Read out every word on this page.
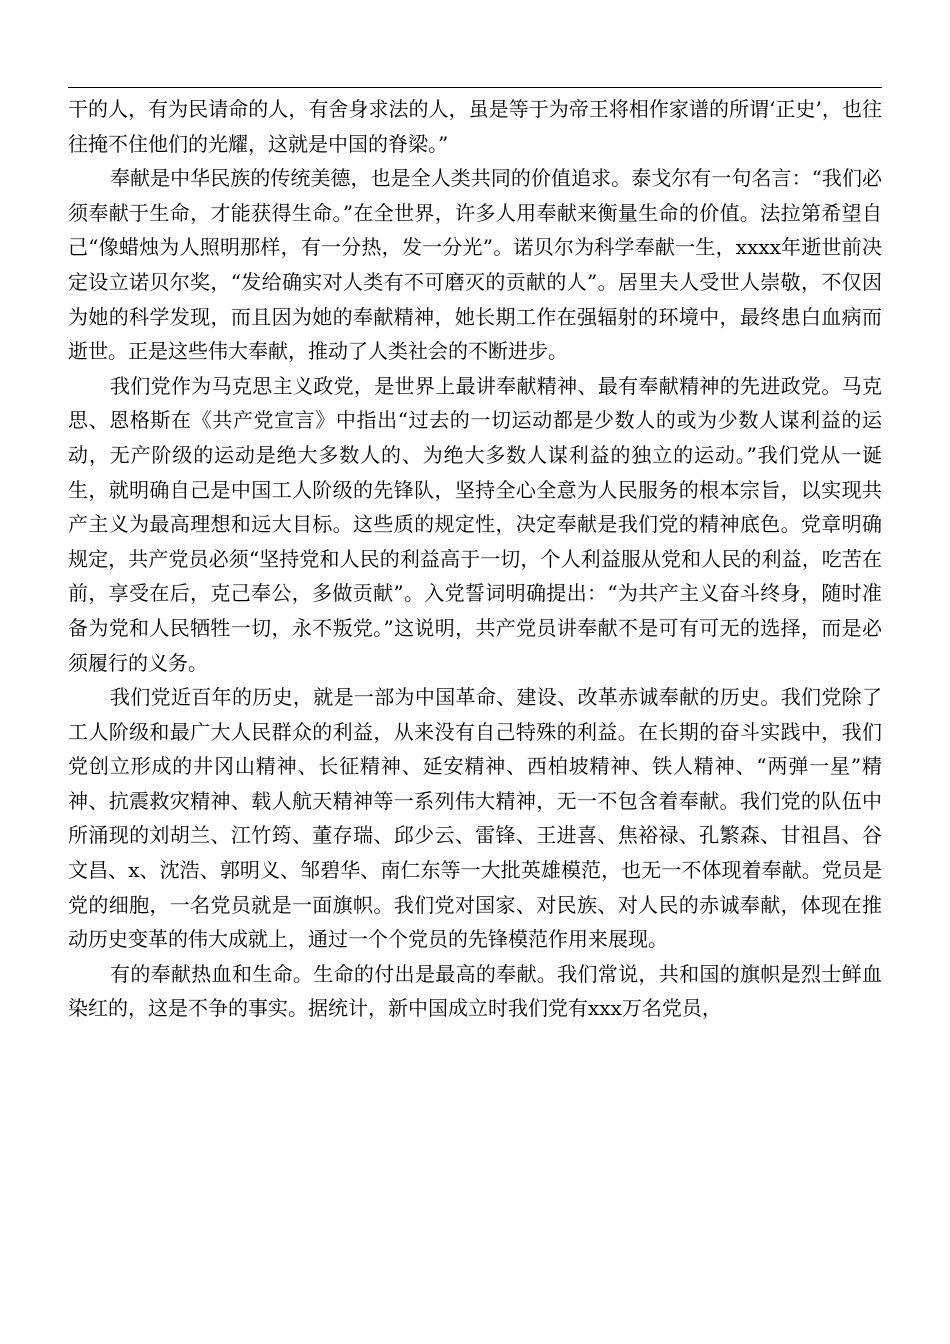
干的人，有为民请命的人，有舍身求法的人，虽是等于为帝王将相作家谱的所谓‘正史’，也往往掩不住他们的光耀，这就是中国的脊梁。”

奉献是中华民族的传统美德，也是全人类共同的价值追求。泰戈尔有一句名言：“我们必须奉献于生命，才能获得生命。”在全世界，许多人用奉献来衡量生命的价值。法拉第希望自己“像蜡烛为人照明那样，有一分热，发一分光”。诺贝尔为科学奉献一生，xxxx年逝世前决定设立诺贝尔奖，“发给确实对人类有不可磨灭的贡献的人”。居里夫人受世人崇敬，不仅因为她的科学发现，而且因为她的奉献精神，她长期工作在强辐射的环境中，最终患白血病而逝世。正是这些伟大奉献，推动了人类社会的不断进步。

我们党作为马克思主义政党，是世界上最讲奉献精神、最有奉献精神的先进政党。马克思、恩格斯在《共产党宣言》中指出“过去的一切运动都是少数人的或为少数人谋利益的运动，无产阶级的运动是绝大多数人的、为绝大多数人谋利益的独立的运动。”我们党从一诞生，就明确自己是中国工人阶级的先锋队，坚持全心全意为人民服务的根本宗旨，以实现共产主义为最高理想和远大目标。这些质的规定性，决定奉献是我们党的精神底色。党章明确规定，共产党员必须“坚持党和人民的利益高于一切，个人利益服从党和人民的利益，吃苦在前，享受在后，克己奉公，多做贡献”。入党誓词明确提出：“为共产主义奋斗终身，随时准备为党和人民牺牲一切，永不叛党。”这说明，共产党员讲奉献不是可有可无的选择，而是必须履行的义务。

我们党近百年的历史，就是一部为中国革命、建设、改革赤诚奉献的历史。我们党除了工人阶级和最广大人民群众的利益，从来没有自己特殊的利益。在长期的奋斗实践中，我们党创立形成的井冈山精神、长征精神、延安精神、西柏坡精神、铁人精神、“两弹一星”精神、抗震救灾精神、载人航天精神等一系列伟大精神，无一不包含着奉献。我们党的队伍中所涌现的刘胡兰、江竹筠、董存瑞、邱少云、雷锋、王进喜、焦裕禄、孔繁森、甘祖昌、谷文昌、x、沈浩、郭明义、邹碧华、南仁东等一大批英雄模范，也无一不体现着奉献。党员是党的细胞，一名党员就是一面旗帜。我们党对国家、对民族、对人民的赤诚奉献，体现在推动历史变革的伟大成就上，通过一个个党员的先锋模范作用来展现。

有的奉献热血和生命。生命的付出是最高的奉献。我们常说，共和国的旗帜是烈士鲜血染红的，这是不争的事实。据统计，新中国成立时我们党有xxx万名党员，
